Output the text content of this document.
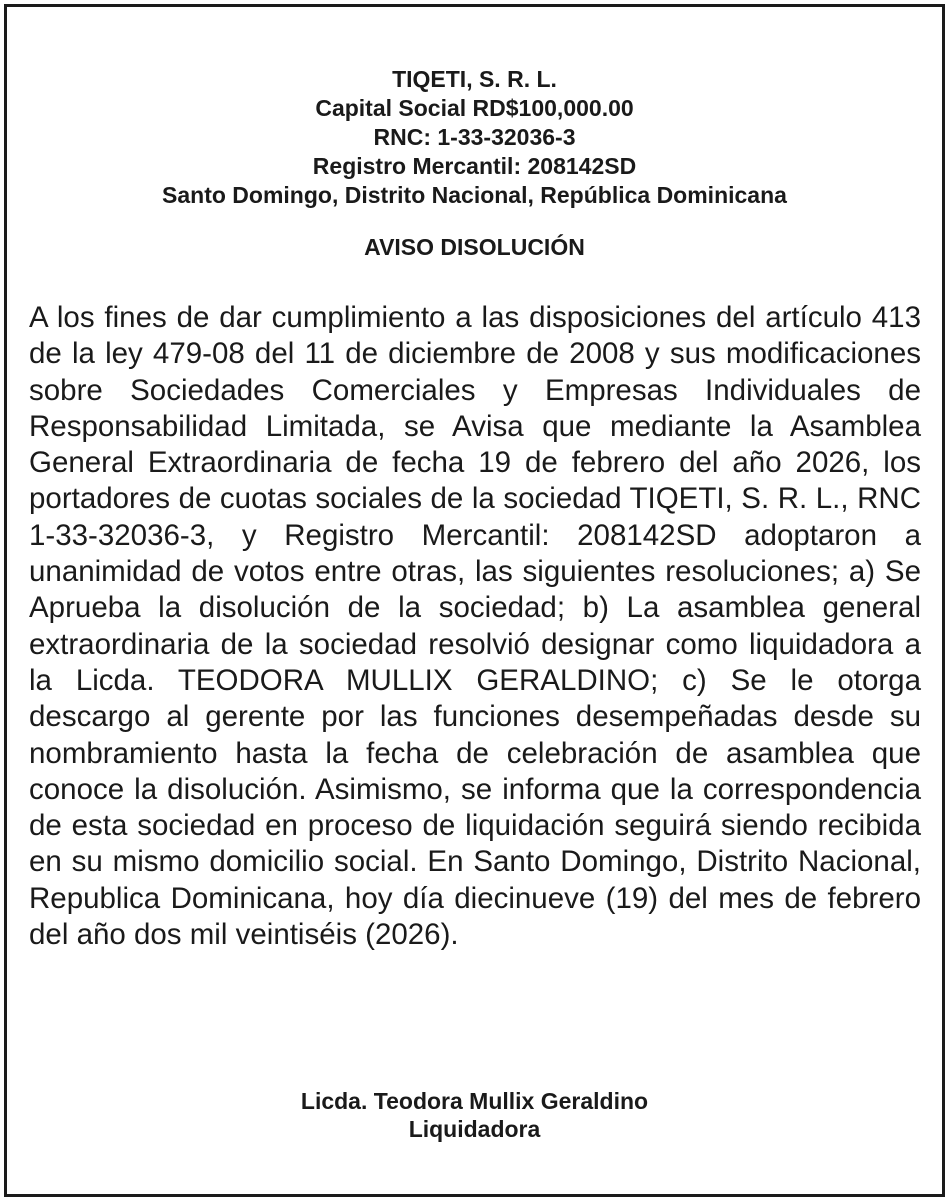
TIQETI, S. R. L.
Capital Social RD$100,000.00
RNC: 1-33-32036-3
Registro Mercantil: 208142SD
Santo Domingo, Distrito Nacional, República Dominicana
AVISO DISOLUCIÓN

A los fines de dar cumplimiento a las disposiciones del artículo 413 de la ley 479-08 del 11 de diciembre de 2008 y sus modificaciones sobre Sociedades Comerciales y Empresas Individuales de Responsabilidad Limitada, se Avisa que mediante la Asamblea General Extraordinaria de fecha 19 de febrero del año 2026, los portadores de cuotas sociales de la sociedad TIQETI, S. R. L., RNC 1-33-32036-3, y Registro Mercantil: 208142SD adoptaron a unanimidad de votos entre otras, las siguientes resoluciones; a) Se Aprueba la disolución de la sociedad; b) La asamblea general extraordinaria de la sociedad resolvió designar como liquidadora a la Licda. TEODORA MULLIX GERALDINO; c) Se le otorga descargo al gerente por las funciones desempeñadas desde su nombramiento hasta la fecha de celebración de asamblea que conoce la disolución. Asimismo, se informa que la correspondencia de esta sociedad en proceso de liquidación seguirá siendo recibida en su mismo domicilio social. En Santo Domingo, Distrito Nacional, Republica Dominicana, hoy día diecinueve (19) del mes de febrero del año dos mil veintiséis (2026).

Licda. Teodora Mullix Geraldino
Liquidadora
